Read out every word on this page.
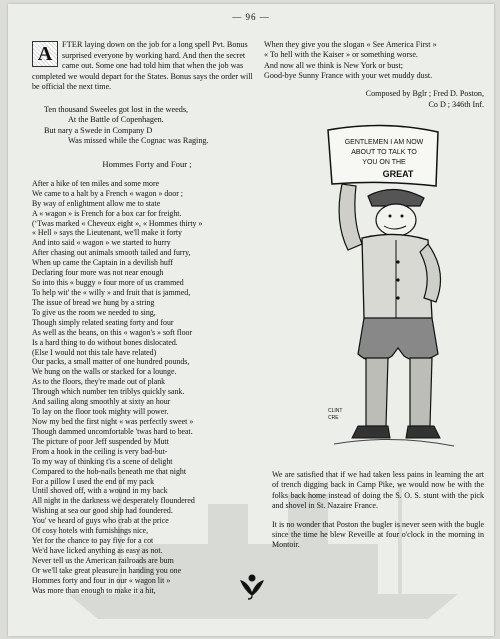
— 96 —
A	FTER laying down on the job for a long spell Pvt. Bonus surprised everyone by working hard. And then the secret came out. Some one had told him that when the job was completed we would depart for the States. Bonus says the order will be official the next time.
Ten thousand Sweeles got lost in the weeds,
At the Battle of Copenhagen.
But nary a Swede in Company D
Was missed while the Cognac was Raging.
Hommes Forty and Four ;
After a hike of ten miles and some more
We came to a halt by a French « wagon » door ;
By way of enlightment allow me to state
A « wagon » is French for a box car for freight.
(‘Twas marked « Cheveux eight », « Hommes thirty »
« Hell » says the Lieutenant, we'll make it forty
And into said « wagon » we started to hurry
After chasing out animals smooth tailed and furry,
When up came the Captain in a devilish huff
Declaring four more was not near enough
So into this « buggy » four more of us crammed
To help wit' the « willy » and fruit that is jammed,
The issue of bread we hung by a string
To give us the room we needed to sing,
Though simply related seating forty and four
As well as the beans, on this « wagon's » soft floor
Is a hard thing to do without bones dislocated.
(Else I would not this tale have related)
Our packs, a small matter of one hundred pounds,
We hung on the walls or stacked for a lounge.
As to the floors, they're made out of plank
Through which number ten triblys quickly sank.
And sailing along smoothly at sixty an hour
To lay on the floor took mighty will power.
Now my bed the first night « was perfectly sweet »
Though dammed uncomfortable 'twas hard to beat.
The picture of poor Jeff suspended by Mutt
From a hook in the ceiling is very bad-but-
To my way of thinking t'is a scene of delight
Compared to the hob-nails beneath me that night
For a pillow I used the end of my pack
Until shoved off, with a wound in my back
All night in the darkness we desperately floundered
Wishing at sea our good ship had foundered.
You' ve heard of guys who crab at the price
Of cosy hotels with furnishings nice,
Yet for the chance to pay five for a cot
We'd have licked anything as easy as not.
Never tell us the American railroads are bum
Or we'll take great pleasure in handing you one
Hommes forty and four in our « wagon lit »
Was more than enough to make it a hit,
When they give you the slogan « See America First »
« To hell with the Kaiser » or something worse.
And now all we think is New York or bust;
Good-bye Sunny France with your wet muddy dust.
Composed by Bglr ; Fred D. Poston,
Co D ; 346th Inf.
GENTLEMEN I AM NOW
ABOUT TO TALK TO
YOU ON THE
GREAT
CLINT
CRE

We are satisfied that if we had taken less pains in learning the art of trench digging back in Camp Pike, we would now be with the folks back home instead of doing the S. O. S. stunt with the pick and shovel in St. Nazaire France.

It is no wonder that Poston the bugler is never seen with the bugle since the time he blew Reveille at four o'clock in the morning in Montoir.
